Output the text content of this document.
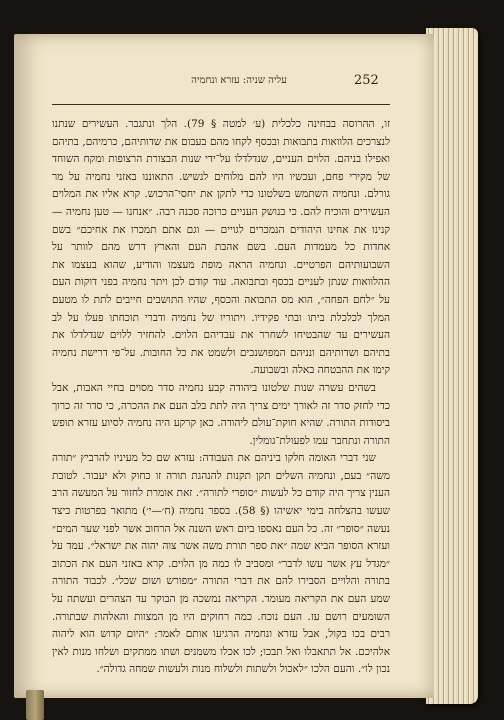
עליה שניה: עזרא ונחמיה	252

זו, ההרוסה בבחינה כלכלית (ע׳ למטה § 79). הלך ונתגבר. העשירים שנתנו לנצרכים הלוואות בתבואות ובכסף לקחו מהם בעבום את שדותיהם, כרמיהם, בתיהם ואפילו בניהם. הלוים העניים, שנדלדלו על־ידי שנות הבצורת הרצופות ומקח השוחד של מקירי פחם, ועכשיו היו להם מלוחים לנשיש. התאוננו באזני נחמיה על מר גורלם. ונחמיה השתמש בשלטונו כדי לתקן את יחסי־הרכוש. קרא אליו את המלוים העשירים והוכיח להם. כי בנושק העניים כרוכה סכנה רבה. ״אנחנו — טען נחמיה — קנינו את אחינו היהודים הנמכרים לגויים — וגם אתם תמכרו את אחיכם״ בשם אחדות כל מעמדות העם. בשם אהבת העם והארץ דרש מהם לוותר על השבועותיהם הפרטיים. ונחמיה הראה מופת מעצמו והודיע, שהוא בעצמו את ההלוואות שנתן לעניים בכסף ובתבואה. עוד קודם לכן ויתר נחמיה בפני דוקות העם על ״לחם הפחה״, הוא מס התבואה והכסף, שהיו התושבים חייבים לתת לו מטעם המלך לכלכלת ביתו ובתי פקידיו. ויתוריו של נחמיה ודברי תוכחתו פעלו על לב העשירים עד שהבטיחו לשחרר את עבדיהם הלוים. להחזיר ללוים שנדלדלו את בתיהם ושדותיהם ונניהם המפושנכים ולשמט את כל החובות. על־פי דרישת נחמיה קימו את ההבטחה באלה ובשבועה.

בשהים עשרה שנות שלטונו ביהודה קבע נחמיה סדר מסוים בחיי האבות, אבל כדי לחזק סדר זה לאורך ימים צריך היה לתת בלב העם את ההכרה, כי סדר זה כרוך ביסודות התורה. שהיא חוקת־עולם ליהודה. כאן קרקע היה נחמיה לסיוע עזרא תופש התורה ונתחבר עמו לפעולת־גומלין.

שני דברי האומה חלקו ביניהם את העבודה: עזרא שם כל מעיניו להרביץ ״תורה משה״ בעם, ונחמיה השלים תקן תקנות להנהגת תורה זו כחוק ולא יעבור. לטובת הענין צריך היה קודם כל לעשות ״סופרי לתורה״. זאת אומרת לחזור על המעשה הרב שעשו בהצלחה בימי יאשיהו (§ 58). בספר נחמיה (ח׳—י׳) מתואר בפרטות כיצד נעשה ״סופר״ זה. כל העם נאספו ביום ראש השנה אל הרחוב אשר לפני שער המים״ ועזרא הסופר הביא שמה ״את ספר תורת משה אשר צוה יהוה את ישראל״. עמד על ״מגדל עץ אשר עשו לדבר״ ומסביב לו כמה מן הלוים. קרא באזני העם את הכתוב בתורה והלויים הסבירו להם את דברי התורה ״מפורש ושום שכל״. לכבוד התורה שמע העם את הקריאה מעומד. הקריאה נמשכה מן הבוקר עד הצהרים ועשתה על השומעים רושם עז. העם נוכח. כמה רחוקים היו מן המצוות והאלהות שבתורה. רבים בכו בקול, אבל עזרא ונחמיה הרגיעו אותם לאמר: ״היום קדוש הוא ליהוה אלהיכם. אל תתאבלו ואל תבכו; לכו אכלו משמנים ושתו ממתקים ושלחו מנות לאין נכון לו״. והעם הלכו ״לאכול ולשתות ולשלוח מנות ולעשות שמחה גדולה״.
